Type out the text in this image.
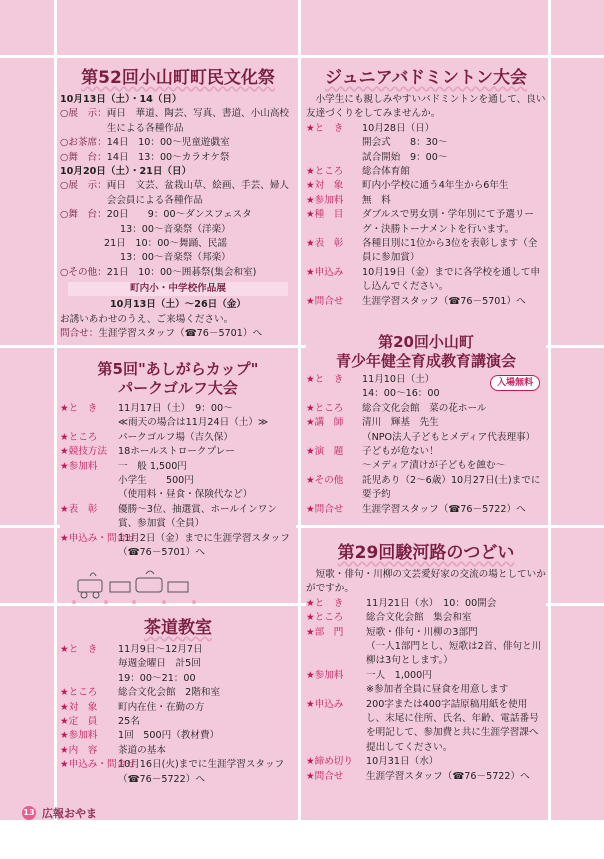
第52回小山町町民文化祭
10月13日（土）・14（日）
○展　示： 両日　華道、陶芸、写真、書道、小山高校生による各種作品
○お茶席： 14日　10：00～児童遊戯室
○舞　台： 14日　13：00～カラオケ祭
10月20日（土）・21日（日）
○展　示： 両日　文芸、盆栽山草、絵画、手芸、婦人会会員による各種作品
○舞　台： 20日　　9：00～ダンスフェスタ
13：00～音楽祭（洋楽）
21日　10：00～舞踊、民謡
13：00～音楽祭（邦楽）
○その他： 21日　10：00～囲碁祭(集会和室)
町内小・中学校作品展
10月13日（土）～26日（金）
お誘いあわせのうえ、ご来場ください。
問合せ： 生涯学習スタッフ（☎76－5701）へ
ジュニアバドミントン大会
小学生にも親しみやすいバドミントンを通して、良い友達づくりをしてみませんか。
★と　き	10月28日（日）
開会式　　8：30～
試合開始　9：00～
★ところ	総合体育館
★対　象	町内小学校に通う4年生から6年生
★参加料	無　料
★種　目	ダブルスで男女別・学年別にて予選リーグ・決勝トーナメントを行います。
★表　彰	各種目別に1位から3位を表彰します（全員に参加賞）
★申込み	10月19日（金）までに各学校を通して申し込んでください。
★問合せ	生涯学習スタッフ（☎76－5701）へ
第5回"あしがらカップ"
パークゴルフ大会
★と　き	11月17日（土）　9：00～
≪雨天の場合は11月24日（土）≫
★ところ	パークゴルフ場（吉久保）
★競技方法	18ホールストロークプレー
★参加料	一　般 1,500円
小学生　　500円
（使用料・昼食・保険代など）
★表　彰	優勝～3位、抽選賞、ホールインワン賞、参加賞（全員）
★申込み・問合せ
11月2日（金）までに生涯学習スタッフ（☎76－5701）へ
第20回小山町
青少年健全育成教育講演会
入場無料
★と　き	11月10日（土）
14：00～16：00
★ところ	総合文化会館　菜の花ホール
★講　師	清川　輝基　先生
（NPO法人子どもとメディア代表理事）
★演　題	子どもが危ない！
～メディア漬けが子どもを蝕む～
★その他	託児あり（2～6歳）10月27日(土)までに要予約
★問合せ	生涯学習スタッフ（☎76－5722）へ
茶道教室
★と　き	11月9日～12月7日
毎週金曜日　計5回
19：00～21：00
★ところ	総合文化会館　2階和室
★対　象	町内在住・在勤の方
★定　員	25名
★参加料	1回　500円（教材費）
★内　容	茶道の基本
★申込み・問合せ
10月16日(火)までに生涯学習スタッフ（☎76－5722）へ
第29回駿河路のつどい
短歌・俳句・川柳の文芸愛好家の交流の場としていかがですか。
★と　き	11月21日（水）　10：00開会
★ところ	総合文化会館　集会和室
★部　門	短歌・俳句・川柳の3部門
（一人1部門とし、短歌は2首、俳句と川柳は3句とします。）
★参加料	一人　1,000円
※参加者全員に昼食を用意します
★申込み	200字または400字詰原稿用紙を使用し、末尾に住所、氏名、年齢、電話番号を明記して、参加費と共に生涯学習課へ提出してください。
★締め切り	10月31日（水）
★問合せ	生涯学習スタッフ（☎76－5722）へ
13 広報おやま
